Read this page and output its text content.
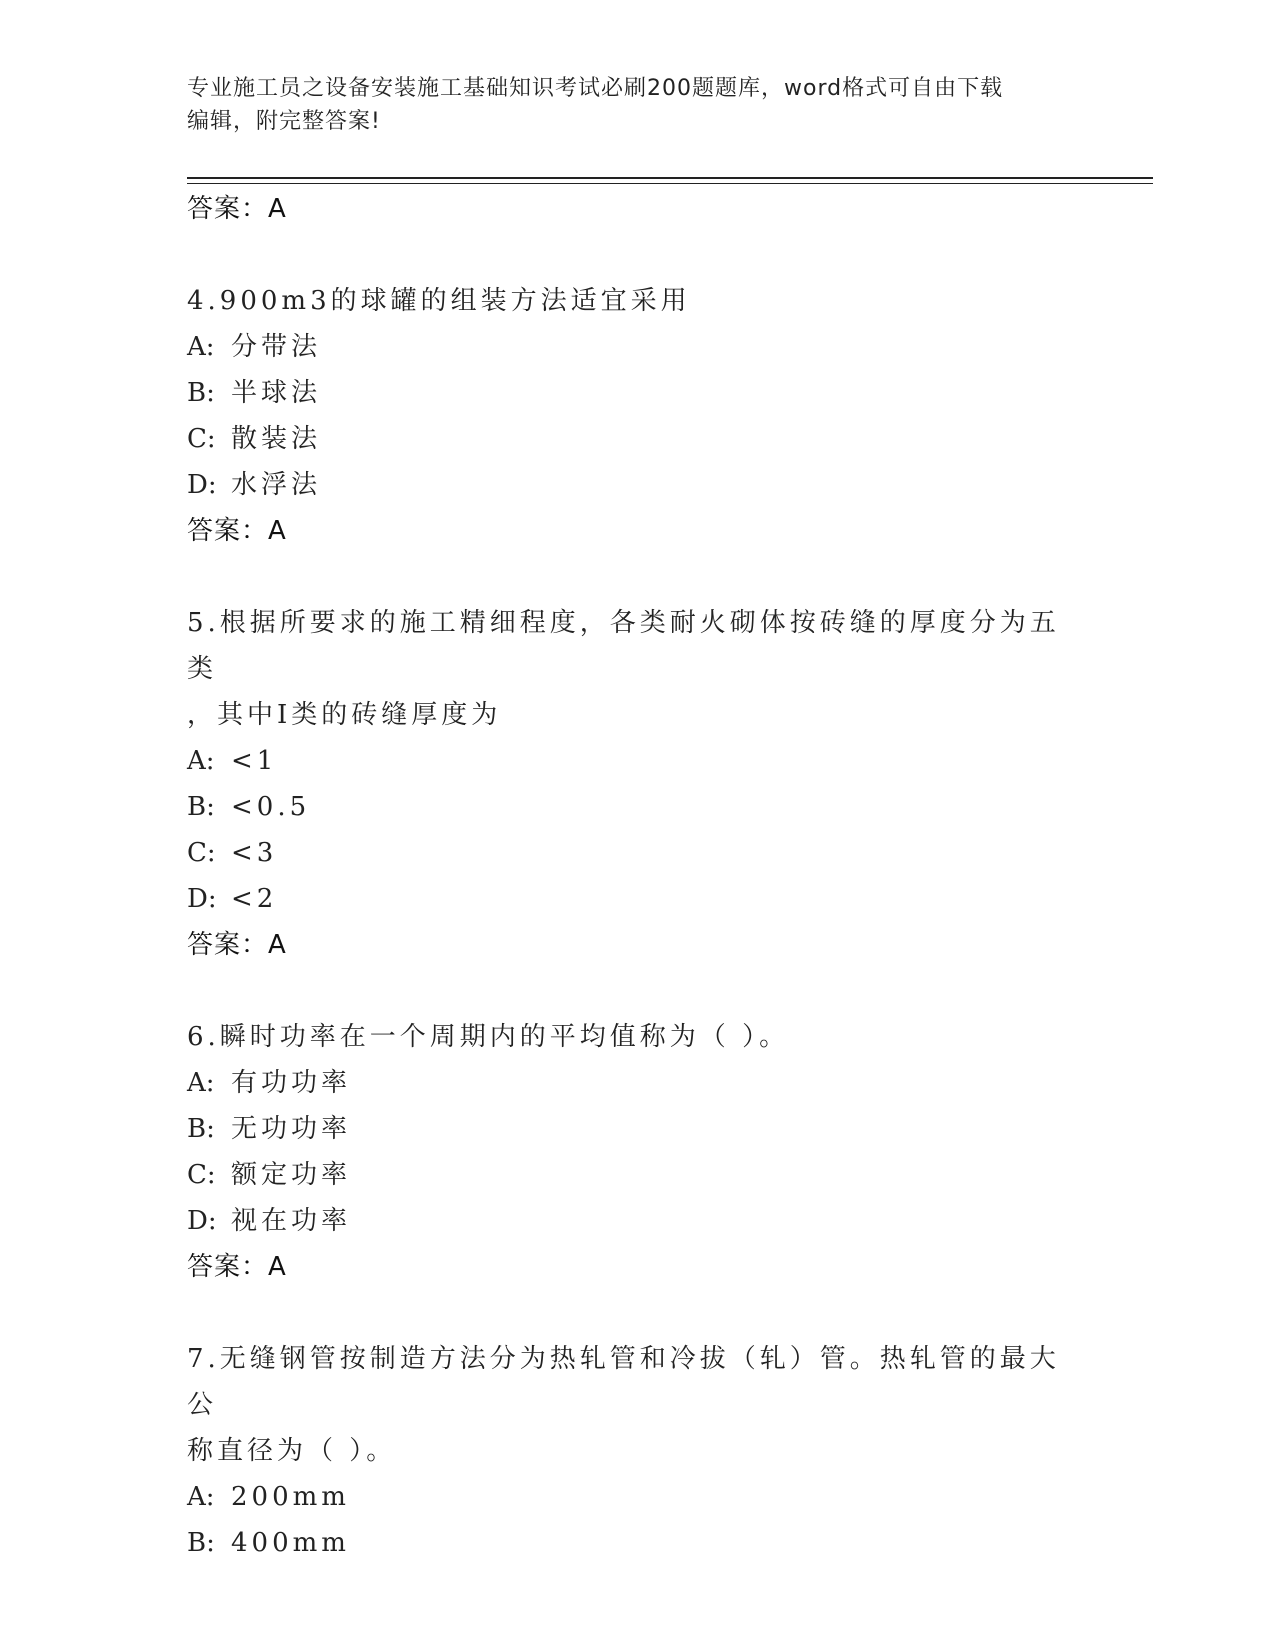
专业施工员之设备安装施工基础知识考试必刷200题题库，word格式可自由下载
编辑，附完整答案!
答案：A
4.900m3的球罐的组装方法适宜采用
A: 分带法
B: 半球法
C: 散装法
D: 水浮法
答案：A
5.根据所要求的施工精细程度，各类耐火砌体按砖缝的厚度分为五类
，其中I类的砖缝厚度为
A: <1
B: <0.5
C: <3
D: <2
答案：A
6.瞬时功率在一个周期内的平均值称为（ ）。
A: 有功功率
B: 无功功率
C: 额定功率
D: 视在功率
答案：A
7.无缝钢管按制造方法分为热轧管和冷拔（轧）管。热轧管的最大公
称直径为（ ）。
A: 200mm
B: 400mm
